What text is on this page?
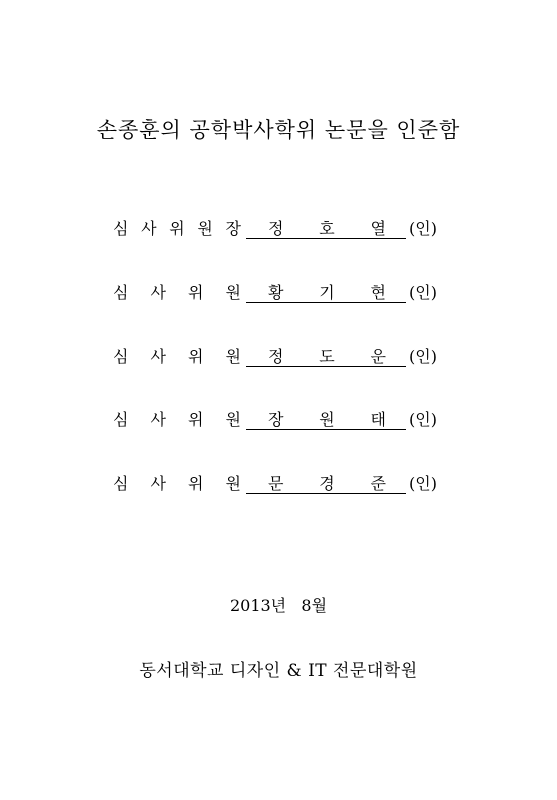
손종훈의 공학박사학위 논문을 인준함
심 사 위 원 장 정 호 열 (인)
심 사 위 원 황 기 현 (인)
심 사 위 원 정 도 운 (인)
심 사 위 원 장 원 태 (인)
심 사 위 원 문 경 준 (인)
2013년   8월
동서대학교 디자인 & IT 전문대학원
